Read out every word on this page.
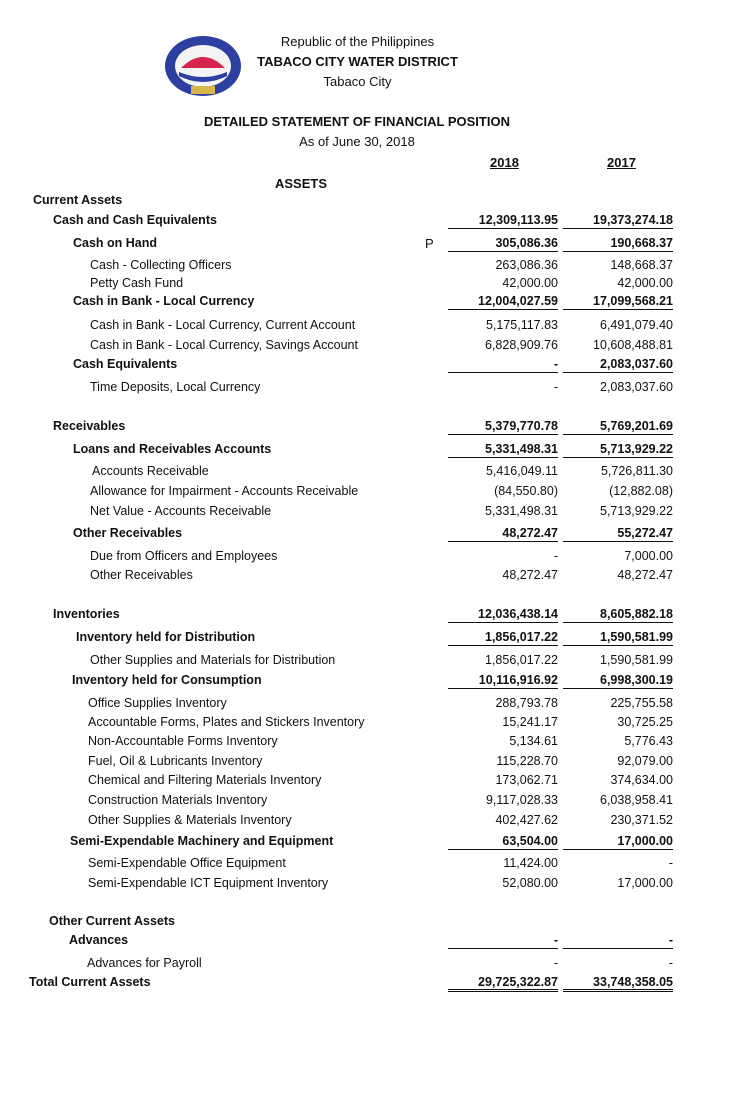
Republic of the Philippines
TABACO CITY WATER DISTRICT
Tabaco City
DETAILED STATEMENT OF FINANCIAL POSITION
As of June 30, 2018
2018	2017
ASSETS
P
Current Assets
Cash and Cash Equivalents	12,309,113.95	19,373,274.18
Cash on Hand	305,086.36	190,668.37
Cash - Collecting Officers	263,086.36	148,668.37
Petty Cash Fund	42,000.00	42,000.00
Cash in Bank - Local Currency	12,004,027.59	17,099,568.21
Cash in Bank - Local Currency, Current Account	5,175,117.83	6,491,079.40
Cash in Bank - Local Currency, Savings Account	6,828,909.76	10,608,488.81
Cash Equivalents	-	2,083,037.60
Time Deposits, Local Currency	-	2,083,037.60
Receivables	5,379,770.78	5,769,201.69
Loans and Receivables Accounts	5,331,498.31	5,713,929.22
Accounts Receivable	5,416,049.11	5,726,811.30
Allowance for Impairment - Accounts Receivable	(84,550.80)	(12,882.08)
Net Value - Accounts Receivable	5,331,498.31	5,713,929.22
Other Receivables	48,272.47	55,272.47
Due from Officers and Employees	-	7,000.00
Other Receivables	48,272.47	48,272.47
Inventories	12,036,438.14	8,605,882.18
Inventory held for Distribution	1,856,017.22	1,590,581.99
Other Supplies and Materials for Distribution	1,856,017.22	1,590,581.99
Inventory held for Consumption	10,116,916.92	6,998,300.19
Office Supplies Inventory	288,793.78	225,755.58
Accountable Forms, Plates and Stickers Inventory	15,241.17	30,725.25
Non-Accountable Forms Inventory	5,134.61	5,776.43
Fuel, Oil & Lubricants Inventory	115,228.70	92,079.00
Chemical and Filtering Materials Inventory	173,062.71	374,634.00
Construction Materials Inventory	9,117,028.33	6,038,958.41
Other Supplies & Materials Inventory	402,427.62	230,371.52
Semi-Expendable Machinery and Equipment	63,504.00	17,000.00
Semi-Expendable Office Equipment	11,424.00	-
Semi-Expendable ICT Equipment Inventory	52,080.00	17,000.00
Other Current Assets
Advances	-	-
Advances for Payroll	-	-
Total Current Assets	29,725,322.87	33,748,358.05
